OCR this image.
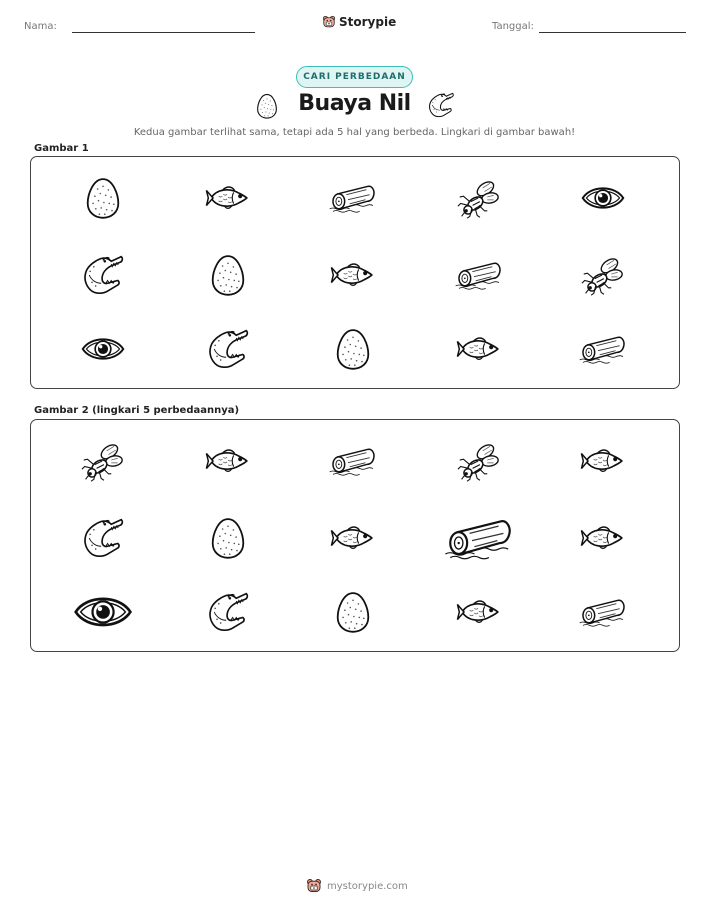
Nama:	Storypie	Tanggal:
CARI PERBEDAAN
Buaya Nil
Kedua gambar terlihat sama, tetapi ada 5 hal yang berbeda. Lingkari di gambar bawah!
Gambar 1
Gambar 2 (lingkari 5 perbedaannya)
mystorypie.com
